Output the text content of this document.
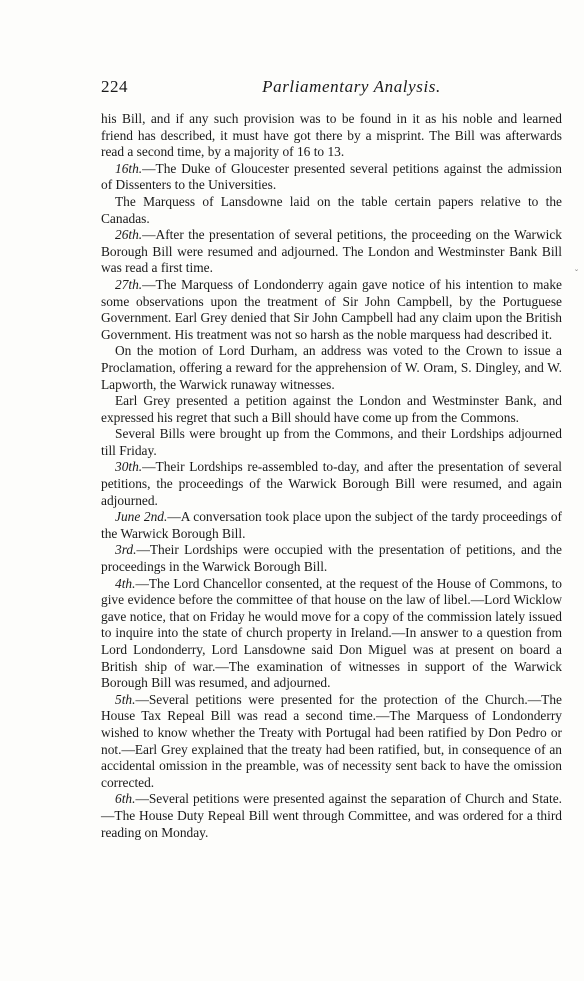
224	Parliamentary Analysis.

his Bill, and if any such provision was to be found in it as his noble and learned friend has described, it must have got there by a misprint. The Bill was afterwards read a second time, by a majority of 16 to 13.

16th.—The Duke of Gloucester presented several petitions against the admission of Dissenters to the Universities.

The Marquess of Lansdowne laid on the table certain papers relative to the Canadas.

26th.—After the presentation of several petitions, the proceeding on the Warwick Borough Bill were resumed and adjourned. The London and Westminster Bank Bill was read a first time.

27th.—The Marquess of Londonderry again gave notice of his intention to make some observations upon the treatment of Sir John Campbell, by the Portuguese Government. Earl Grey denied that Sir John Campbell had any claim upon the British Government. His treatment was not so harsh as the noble marquess had described it.

On the motion of Lord Durham, an address was voted to the Crown to issue a Proclamation, offering a reward for the apprehension of W. Oram, S. Dingley, and W. Lapworth, the Warwick runaway witnesses.

Earl Grey presented a petition against the London and Westminster Bank, and expressed his regret that such a Bill should have come up from the Commons.

Several Bills were brought up from the Commons, and their Lordships adjourned till Friday.

30th.—Their Lordships re-assembled to-day, and after the presentation of several petitions, the proceedings of the Warwick Borough Bill were resumed, and again adjourned.

June 2nd.—A conversation took place upon the subject of the tardy proceedings of the Warwick Borough Bill.

3rd.—Their Lordships were occupied with the presentation of petitions, and the proceedings in the Warwick Borough Bill.

4th.—The Lord Chancellor consented, at the request of the House of Commons, to give evidence before the committee of that house on the law of libel.—Lord Wicklow gave notice, that on Friday he would move for a copy of the commission lately issued to inquire into the state of church property in Ireland.—In answer to a question from Lord Londonderry, Lord Lansdowne said Don Miguel was at present on board a British ship of war.—The examination of witnesses in support of the Warwick Borough Bill was resumed, and adjourned.

5th.—Several petitions were presented for the protection of the Church.—The House Tax Repeal Bill was read a second time.—The Marquess of Londonderry wished to know whether the Treaty with Portugal had been ratified by Don Pedro or not.—Earl Grey explained that the treaty had been ratified, but, in consequence of an accidental omission in the preamble, was of necessity sent back to have the omission corrected.

6th.—Several petitions were presented against the separation of Church and State.—The House Duty Repeal Bill went through Committee, and was ordered for a third reading on Monday.

˘
